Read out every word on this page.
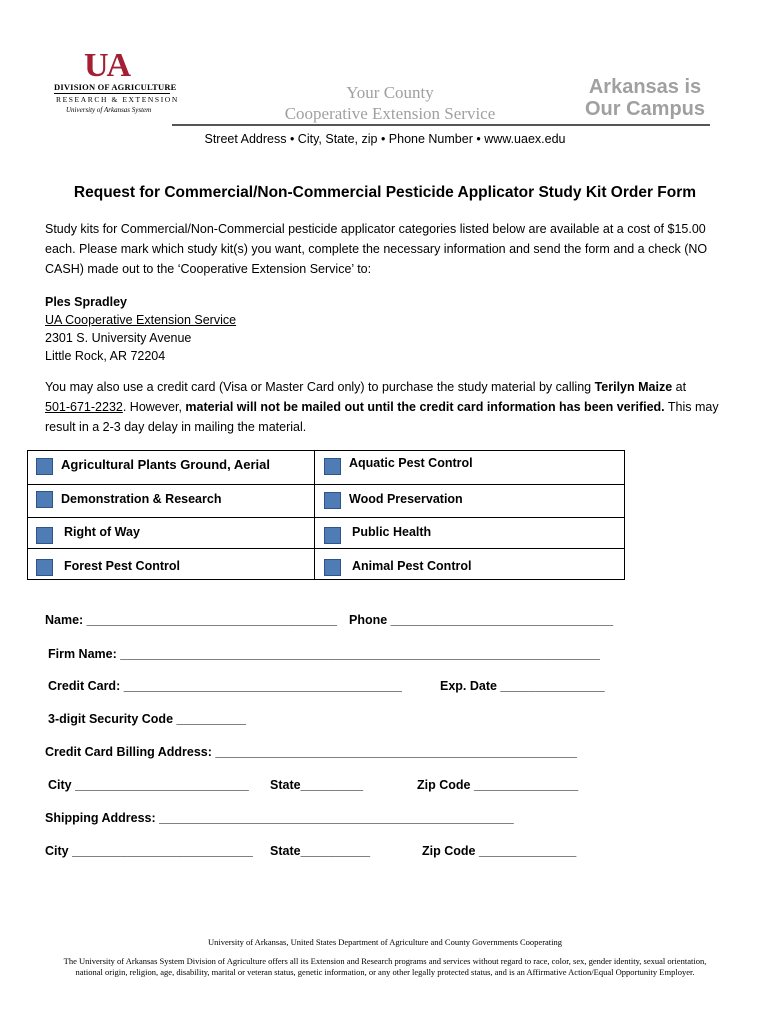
UA
DIVISION OF AGRICULTURE
RESEARCH & EXTENSION
University of Arkansas System
Your County
Cooperative Extension Service
Arkansas is
Our Campus
Street Address • City, State, zip • Phone Number • www.uaex.edu
Request for Commercial/Non-Commercial Pesticide Applicator Study Kit Order Form
Study kits for Commercial/Non-Commercial pesticide applicator categories listed below are available at a cost of $15.00 each. Please mark which study kit(s) you want, complete the necessary information and send the form and a check (NO CASH) made out to the ‘Cooperative Extension Service’ to:
Ples Spradley
UA Cooperative Extension Service
2301 S. University Avenue
Little Rock, AR 72204
You may also use a credit card (Visa or Master Card only) to purchase the study material by calling Terilyn Maize at
501-671-2232. However, material will not be mailed out until the credit card information has been verified. This may result in a 2-3 day delay in mailing the material.
Agricultural Plants Ground, Aerial	Aquatic Pest Control
Demonstration & Research	Wood Preservation
Right of Way	Public Health
Forest Pest Control	Animal Pest Control
Name: ____________________________________ Phone ________________________________
Firm Name: _____________________________________________________________________
Credit Card: ________________________________________	Exp. Date _______________
3-digit Security Code __________
Credit Card Billing Address: ____________________________________________________
City _________________________ State_________	Zip Code _______________
Shipping Address: ___________________________________________________
City __________________________ State__________	Zip Code ______________
University of Arkansas, United States Department of Agriculture and County Governments Cooperating
The University of Arkansas System Division of Agriculture offers all its Extension and Research programs and services without regard to race, color, sex, gender identity, sexual orientation, national origin, religion, age, disability, marital or veteran status, genetic information, or any other legally protected status, and is an Affirmative Action/Equal Opportunity Employer.
